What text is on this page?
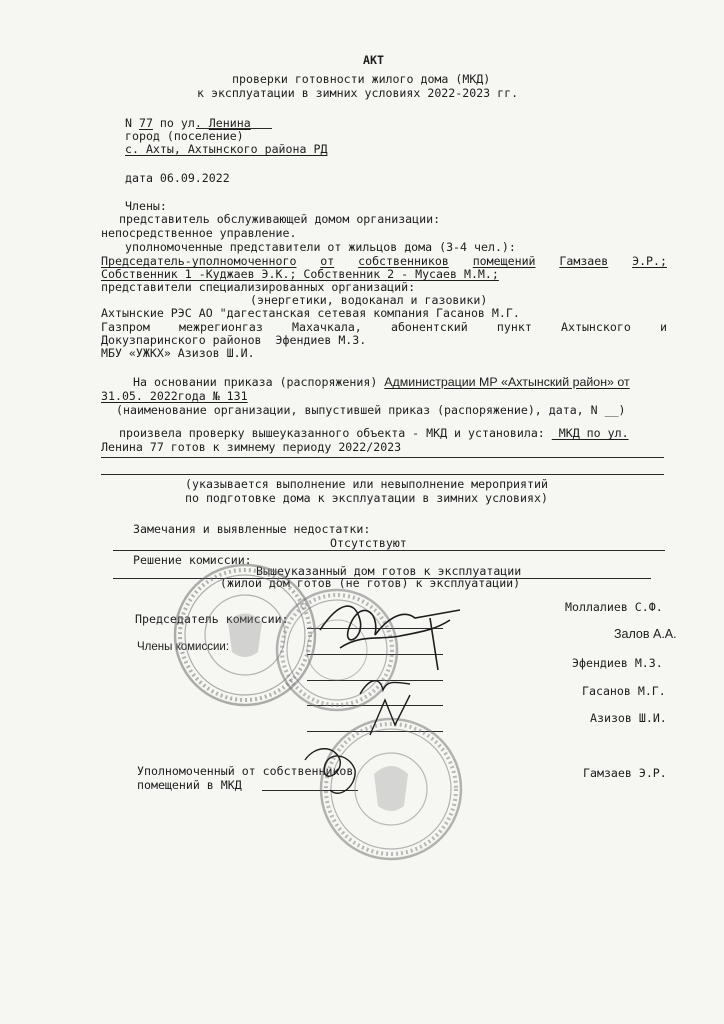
АКТ
проверки готовности жилого дома (МКД)
к эксплуатации в зимних условиях 2022-2023 гг.
N 77 по ул. Ленина
город (поселение)
с. Ахты, Ахтынского района РД
дата 06.09.2022
Члены:
представитель обслуживающей домом организации:
непосредственное управление.
уполномоченные представители от жильцов дома (3-4 чел.):
Председатель-уполномоченного от собственников помещений Гамзаев Э.Р.;
Собственник 1 -Куджаев Э.К.; Собственник 2 - Мусаев М.М.;
представители специализированных организаций:
(энергетики, водоканал и газовики)
Ахтынские РЭС АО "дагестанская сетевая компания Гасанов М.Г.
Газпром	межрегионгаз	Махачкала,	абонентский	пункт	Ахтынского	и
Докузпаринского районов  Эфендиев М.З.
МБУ «УЖКХ» Азизов Ш.И.
На основании приказа (распоряжения) Администрации МР «Ахтынский район» от
31.05. 2022года № 131
(наименование организации, выпустившей приказ (распоряжение), дата, N __)
произвела проверку вышеуказанного объекта - МКД и установила: _МКД по ул.
Ленина 77 готов к зимнему периоду 2022/2023
(указывается выполнение или невыполнение мероприятий
по подготовке дома к эксплуатации в зимних условиях)
Замечания и выявленные недостатки:
Отсутствуют
Решение комиссии:
Вышеуказанный дом готов к эксплуатации
(жилой дом готов (не готов) к эксплуатации)
Председатель комиссии:
Моллалиев С.Ф.
Члены комиссии:
Залов А.А.
Эфендиев М.З.
Гасанов М.Г.
Азизов Ш.И.
Уполномоченный от собственников
помещений в МКД
Гамзаев Э.Р.
